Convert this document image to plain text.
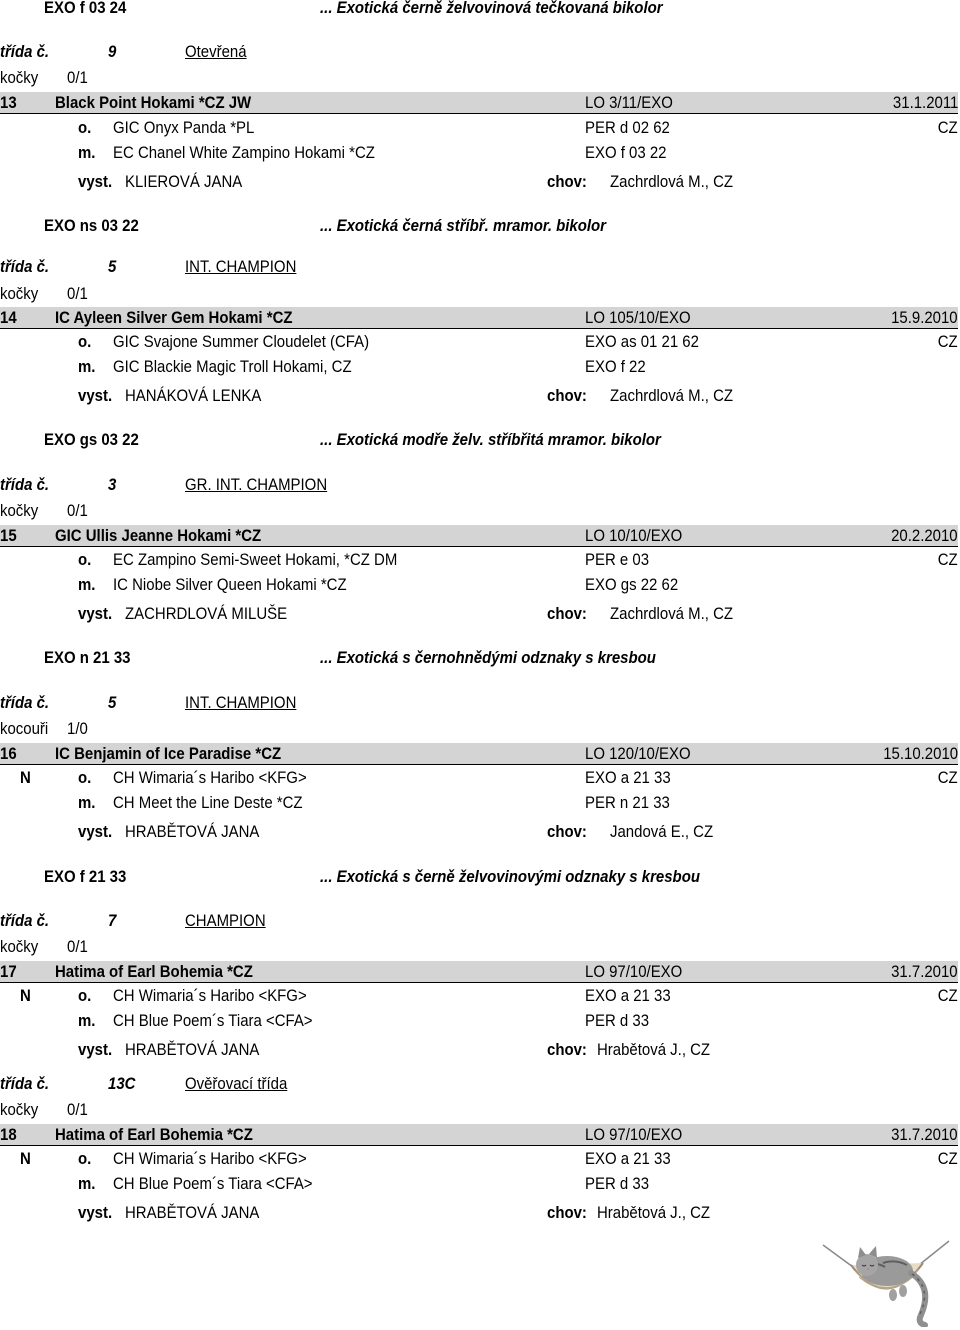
EXO f 03 24	... Exotická černě želvovinová tečkovaná bikolor
třída č.	9	Otevřená
kočky 0/1
13 Black Point Hokami *CZ JW	LO 3/11/EXO	31.1.2011
o. GIC Onyx Panda *PL	PER d 02 62	CZ
m. EC Chanel White Zampino Hokami *CZ	EXO f 03 22
vyst. KLIEROVÁ JANA	chov: Zachrdlová M., CZ
EXO ns 03 22	... Exotická černá stříbř. mramor. bikolor
třída č.	5	INT. CHAMPION
kočky 0/1
14 IC Ayleen Silver Gem Hokami *CZ	LO 105/10/EXO	15.9.2010
o. GIC Svajone Summer Cloudelet (CFA)	EXO as 01 21 62	CZ
m. GIC Blackie Magic Troll Hokami, CZ	EXO f 22
vyst. HANÁKOVÁ LENKA	chov: Zachrdlová M., CZ
EXO gs 03 22	... Exotická modře želv. stříbřitá mramor. bikolor
třída č.	3	GR. INT. CHAMPION
kočky 0/1
15 GIC Ullis Jeanne Hokami *CZ	LO 10/10/EXO	20.2.2010
o. EC Zampino Semi-Sweet Hokami, *CZ DM	PER e 03	CZ
m. IC Niobe Silver Queen Hokami *CZ	EXO gs 22 62
vyst. ZACHRDLOVÁ MILUŠE	chov: Zachrdlová M., CZ
EXO n 21 33	... Exotická s černohnědými odznaky s kresbou
třída č.	5	INT. CHAMPION
kocouři 1/0
16 IC Benjamin of Ice Paradise *CZ	LO 120/10/EXO	15.10.2010
N	o. CH Wimaria´s Haribo <KFG>	EXO a 21 33	CZ
m. CH Meet the Line Deste *CZ	PER n 21 33
vyst. HRABĚTOVÁ JANA	chov: Jandová E., CZ
EXO f 21 33	... Exotická s černě želvovinovými odznaky s kresbou
třída č.	7	CHAMPION
kočky 0/1
17 Hatima of Earl Bohemia *CZ	LO 97/10/EXO	31.7.2010
N	o. CH Wimaria´s Haribo <KFG>	EXO a 21 33	CZ
m. CH Blue Poem´s Tiara <CFA>	PER d 33
vyst. HRABĚTOVÁ JANA	chov: Hrabětová J., CZ
třída č.	13C	Ověřovací třída
kočky 0/1
18 Hatima of Earl Bohemia *CZ	LO 97/10/EXO	31.7.2010
N	o. CH Wimaria´s Haribo <KFG>	EXO a 21 33	CZ
m. CH Blue Poem´s Tiara <CFA>	PER d 33
vyst. HRABĚTOVÁ JANA	chov: Hrabětová J., CZ
